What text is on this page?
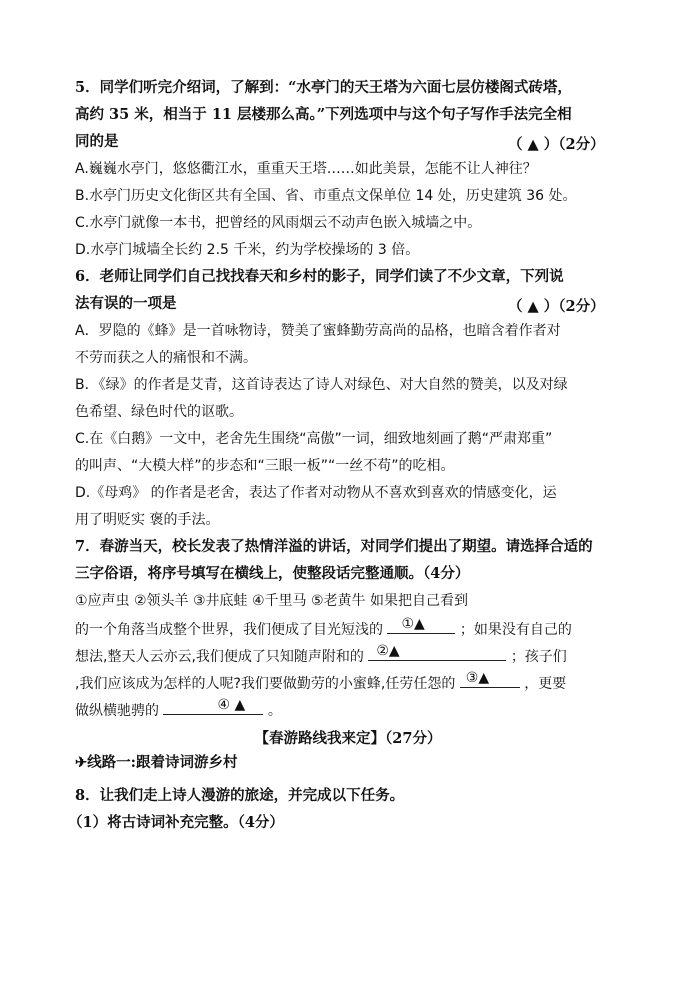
5．同学们听完介绍词，了解到：“水亭门的天王塔为六面七层仿楼阁式砖塔，
高约 35 米，相当于 11 层楼那么高。”下列选项中与这个句子写作手法完全相
同的是	（ ▲ ）（2分）
A.巍巍水亭门，悠悠衢江水，重重天王塔……如此美景，怎能不让人神往？
B.水亭门历史文化街区共有全国、省、市重点文保单位 14 处，历史建筑 36 处。
C.水亭门就像一本书，把曾经的风雨烟云不动声色嵌入城墙之中。
D.水亭门城墙全长约 2.5 千米，约为学校操场的 3 倍。
6．老师让同学们自己找找春天和乡村的影子，同学们读了不少文章，下列说
法有误的一项是	（ ▲ ）（2分）
A．罗隐的《蜂》是一首咏物诗，赞美了蜜蜂勤劳高尚的品格，也暗含着作者对
不劳而获之人的痛恨和不满。
B．《绿》的作者是艾青，这首诗表达了诗人对绿色、对大自然的赞美，以及对绿
色希望、绿色时代的讴歌。
C.在《白鹅》一文中，老舍先生围绕“高傲”一词，细致地刻画了鹅“严肃郑重”
的叫声、“大模大样”的步态和“三眼一板”“一丝不苟”的吃相。
D.《母鸡》 的作者是老舍，表达了作者对动物从不喜欢到喜欢的情感变化，运
用了明贬实 褒的手法。
7．春游当天，校长发表了热情洋溢的讲话，对同学们提出了期望。请选择合适的
三字俗语，将序号填写在横线上，使整段话完整通顺。（4分）
①应声虫 ②领头羊 ③井底蛙 ④千里马 ⑤老黄牛 如果把自己看到
的一个角落当成整个世界，我们便成了目光短浅的 ①▲	；如果没有自己的
想法,整天人云亦云,我们便成了只知随声附和的 ②▲	；孩子们
,我们应该成为怎样的人呢?我们要做勤劳的小蜜蜂,任劳任怨的 ③▲	，更要
做纵横驰骋的	④ ▲ 。
【春游路线我来定】（27分）
✈线路一:跟着诗词游乡村
8．让我们走上诗人漫游的旅途，并完成以下任务。
（1）将古诗词补充完整。（4分）
